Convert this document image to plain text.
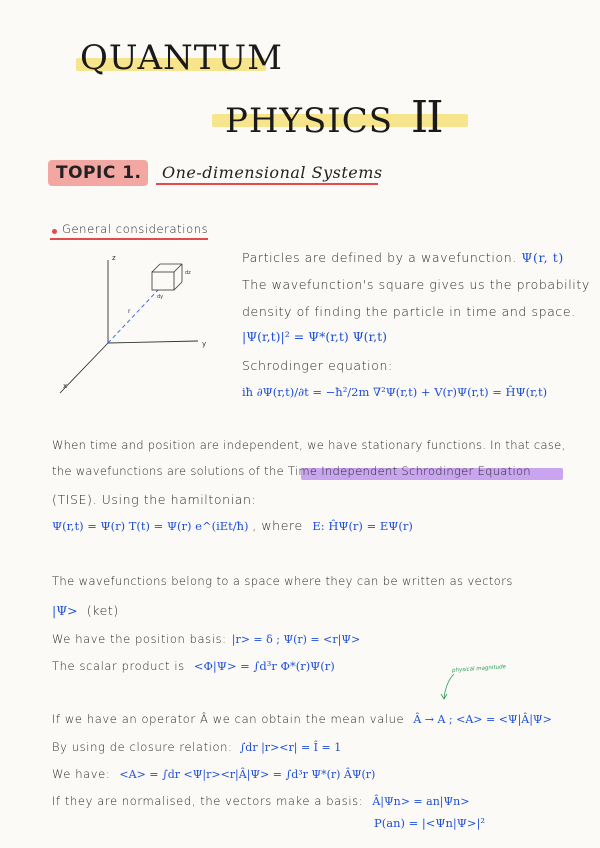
QUANTUM
PHYSICS II
TOPIC 1. One-dimensional Systems
General considerations
z
y
x
r
dz
dy
Particles are defined by a wavefunction. Ψ(r, t)
The wavefunction's square gives us the probability
density of finding the particle in time and space.
|Ψ(r,t)|² = Ψ*(r,t) Ψ(r,t)
Schrodinger equation:
iħ ∂Ψ(r,t)/∂t = −ħ²/2m ∇²Ψ(r,t) + V(r)Ψ(r,t) = ĤΨ(r,t)
When time and position are independent, we have stationary functions. In that case,
the wavefunctions are solutions of the Time Independent Schrodinger Equation
(TISE). Using the hamiltonian:
Ψ(r,t) = Ψ(r) T(t) = Ψ(r) e^(iEt/ħ) , where E: ĤΨ(r) = EΨ(r)
The wavefunctions belong to a space where they can be written as vectors
|Ψ> (ket)
We have the position basis: |r> = δ ; Ψ(r) = <r|Ψ>
The scalar product is <Φ|Ψ> = ∫d³r Φ*(r)Ψ(r)	physical magnitude
If we have an operator Â we can obtain the mean value Â → A ; <A> = <Ψ|Â|Ψ>
By using de closure relation: ∫dr |r><r| = Î = 1
We have: <A> = ∫dr <Ψ|r><r|Â|Ψ> = ∫d³r Ψ*(r) ÂΨ(r)
If they are normalised, the vectors make a basis: Â|Ψn> = an|Ψn>
P(an) = |<Ψn|Ψ>|²
